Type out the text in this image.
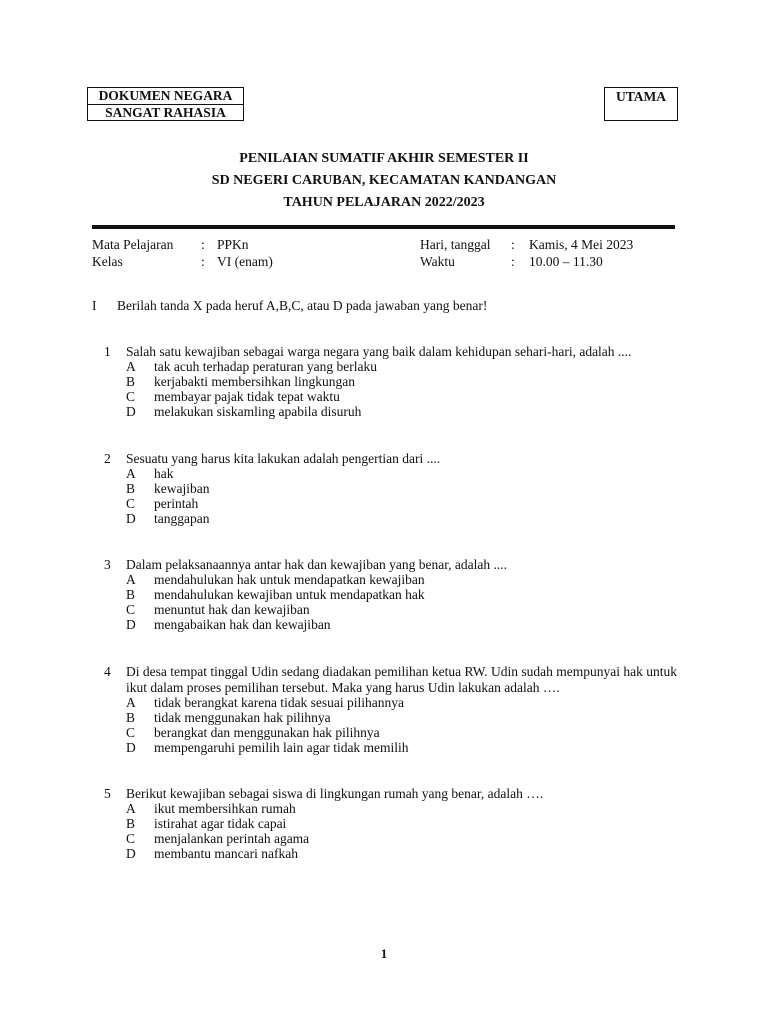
DOKUMEN NEGARA
SANGAT RAHASIA
UTAMA
PENILAIAN SUMATIF AKHIR SEMESTER II
SD NEGERI CARUBAN, KECAMATAN KANDANGAN
TAHUN PELAJARAN 2022/2023
Mata Pelajaran : PPKn
Kelas	: VI (enam)
Hari, tanggal : Kamis, 4 Mei 2023
Waktu	: 10.00 – 11.30
I Berilah tanda X pada heruf A,B,C, atau D pada jawaban yang benar!
1 Salah satu kewajiban sebagai warga negara yang baik dalam kehidupan sehari-hari, adalah ....
A tak acuh terhadap peraturan yang berlaku
B kerjabakti membersihkan lingkungan
C membayar pajak tidak tepat waktu
D melakukan siskamling apabila disuruh
2 Sesuatu yang harus kita lakukan adalah pengertian dari ....
A hak
B kewajiban
C perintah
D tanggapan
3 Dalam pelaksanaannya antar hak dan kewajiban yang benar, adalah ....
A mendahulukan hak untuk mendapatkan kewajiban
B mendahulukan kewajiban untuk mendapatkan hak
C menuntut hak dan kewajiban
D mengabaikan hak dan kewajiban
4 Di desa tempat tinggal Udin sedang diadakan pemilihan ketua RW. Udin sudah mempunyai hak untuk ikut dalam proses pemilihan tersebut. Maka yang harus Udin lakukan adalah ….
A tidak berangkat karena tidak sesuai pilihannya
B tidak menggunakan hak pilihnya
C berangkat dan menggunakan hak pilihnya
D mempengaruhi pemilih lain agar tidak memilih
5 Berikut kewajiban sebagai siswa di lingkungan rumah yang benar, adalah ….
A ikut membersihkan rumah
B istirahat agar tidak capai
C menjalankan perintah agama
D membantu mancari nafkah
1
